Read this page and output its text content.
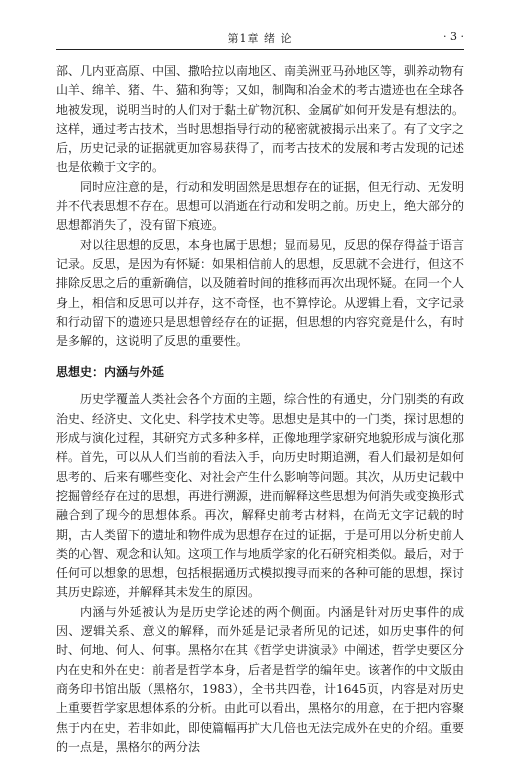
第1章 绪 论	· 3 ·

部、几内亚高原、中国、撒哈拉以南地区、南美洲亚马孙地区等，驯养动物有山羊、绵羊、猪、牛、猫和狗等；又如，制陶和冶金术的考古遗迹也在全球各地被发现，说明当时的人们对于黏土矿物沉积、金属矿如何开发是有想法的。这样，通过考古技术，当时思想指导行动的秘密就被揭示出来了。有了文字之后，历史记录的证据就更加容易获得了，而考古技术的发展和考古发现的记述也是依赖于文字的。

同时应注意的是，行动和发明固然是思想存在的证据，但无行动、无发明并不代表思想不存在。思想可以消逝在行动和发明之前。历史上，绝大部分的思想都消失了，没有留下痕迹。

对以往思想的反思，本身也属于思想；显而易见，反思的保存得益于语言记录。反思，是因为有怀疑：如果相信前人的思想，反思就不会进行，但这不排除反思之后的重新确信，以及随着时间的推移而再次出现怀疑。在同一个人身上，相信和反思可以并存，这不奇怪，也不算悖论。从逻辑上看，文字记录和行动留下的遗迹只是思想曾经存在的证据，但思想的内容究竟是什么，有时是多解的，这说明了反思的重要性。

思想史：内涵与外延

历史学覆盖人类社会各个方面的主题，综合性的有通史，分门别类的有政治史、经济史、文化史、科学技术史等。思想史是其中的一门类，探讨思想的形成与演化过程，其研究方式多种多样，正像地理学家研究地貌形成与演化那样。首先，可以从人们当前的看法入手，向历史时期追溯，看人们最初是如何思考的、后来有哪些变化、对社会产生什么影响等问题。其次，从历史记载中挖掘曾经存在过的思想，再进行溯源，进而解释这些思想为何消失或变换形式融合到了现今的思想体系。再次，解释史前考古材料，在尚无文字记载的时期，古人类留下的遗址和物件成为思想存在过的证据，于是可用以分析史前人类的心智、观念和认知。这项工作与地质学家的化石研究相类似。最后，对于任何可以想象的思想，包括根据通历式模拟搜寻而来的各种可能的思想，探讨其历史踪迹，并解释其未发生的原因。

内涵与外延被认为是历史学论述的两个侧面。内涵是针对历史事件的成因、逻辑关系、意义的解释，而外延是记录者所见的记述，如历史事件的何时、何地、何人、何事。黑格尔在其《哲学史讲演录》中阐述，哲学史要区分内在史和外在史：前者是哲学本身，后者是哲学的编年史。该著作的中文版由商务印书馆出版（黑格尔，1983），全书共四卷，计1645页，内容是对历史上重要哲学家思想体系的分析。由此可以看出，黑格尔的用意，在于把内容聚焦于内在史，若非如此，即使篇幅再扩大几倍也无法完成外在史的介绍。重要的一点是，黑格尔的两分法
